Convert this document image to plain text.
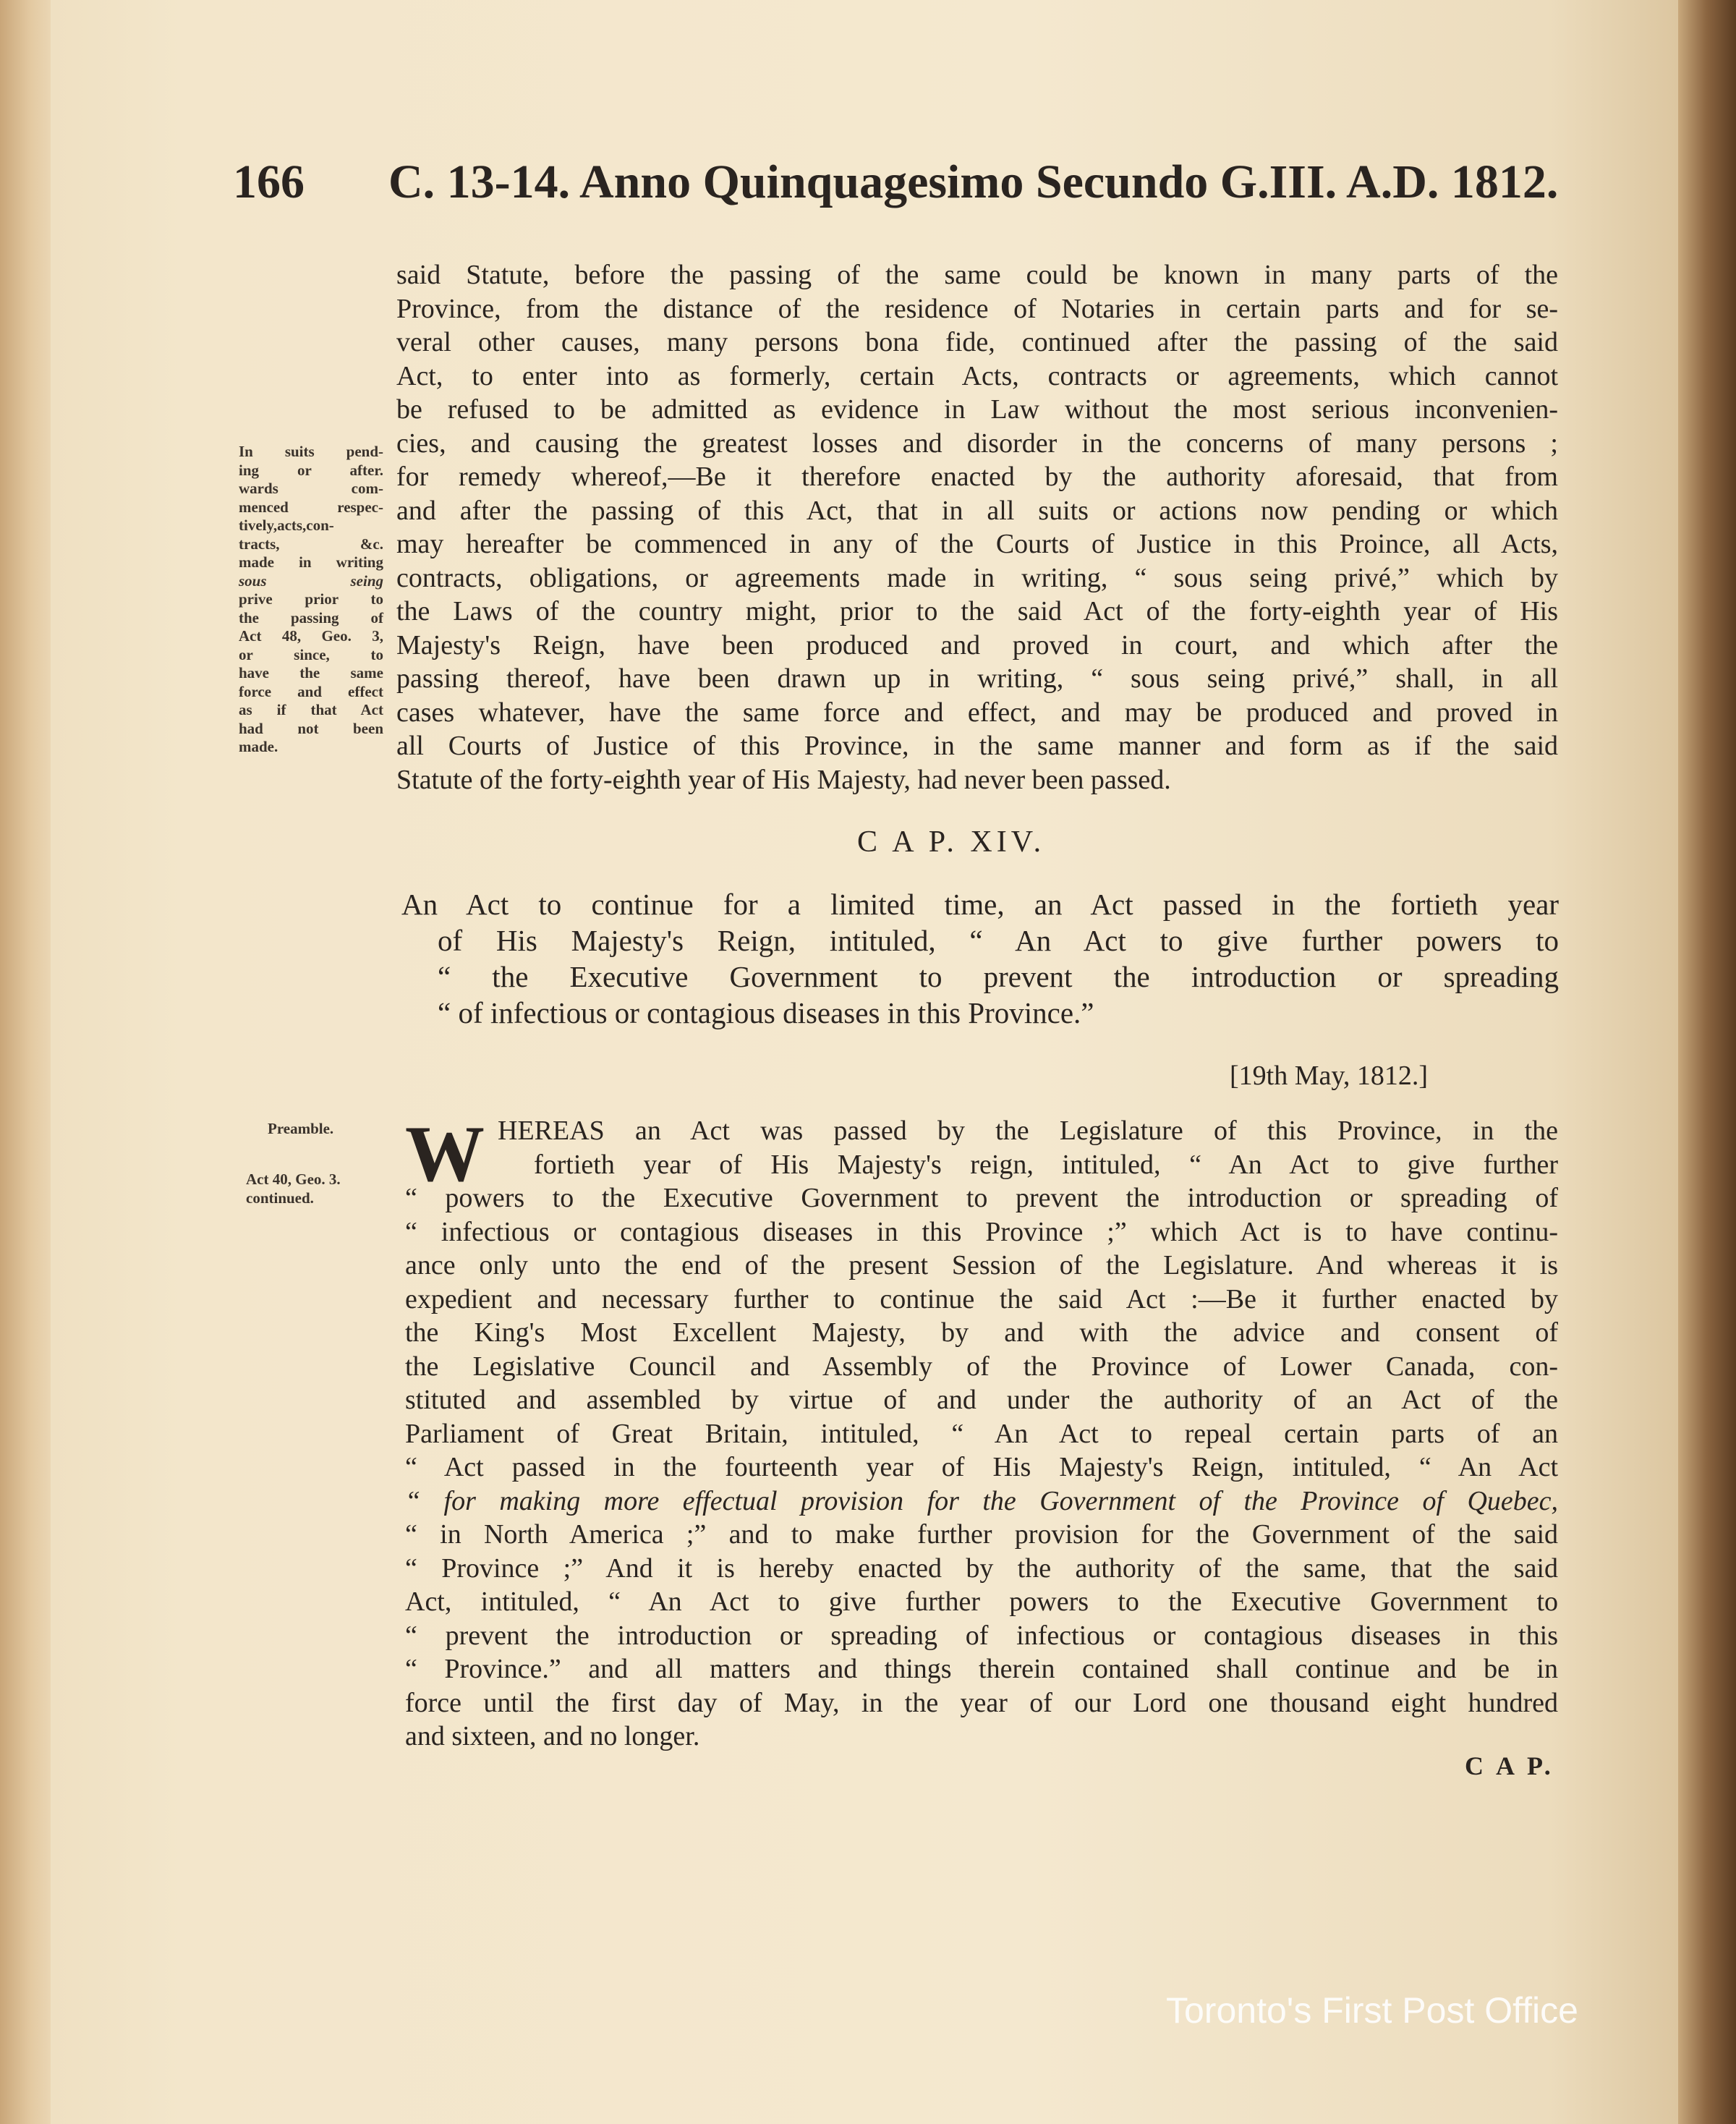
166 C. 13-14. Anno Quinquagesimo Secundo G.III. A.D. 1812.
said Statute, before the passing of the same could be known in many parts of the
Province, from the distance of the residence of Notaries in certain parts and for se-
veral other causes, many persons bona fide, continued after the passing of the said
Act, to enter into as formerly, certain Acts, contracts or agreements, which cannot
be refused to be admitted as evidence in Law without the most serious inconvenien-
cies, and causing the greatest losses and disorder in the concerns of many persons ;
for remedy whereof,—Be it therefore enacted by the authority aforesaid, that from
and after the passing of this Act, that in all suits or actions now pending or which
may hereafter be commenced in any of the Courts of Justice in this Proince, all Acts,
contracts, obligations, or agreements made in writing, “ sous seing privé,” which by
the Laws of the country might, prior to the said Act of the forty-eighth year of His
Majesty's Reign, have been produced and proved in court, and which after the
passing thereof, have been drawn up in writing, “ sous seing privé,” shall, in all
cases whatever, have the same force and effect, and may be produced and proved in
all Courts of Justice of this Province, in the same manner and form as if the said
Statute of the forty-eighth year of His Majesty, had never been passed.
In suits pend-
ing or after.
wards com-
menced respec-
tively,acts,con-
tracts, &c.
made in writing
sous seing
prive prior to
the passing of
Act 48, Geo. 3,
or since, to
have the same
force and effect
as if that Act
had not been
made.
C A P. XIV.
An Act to continue for a limited time, an Act passed in the fortieth year
of His Majesty's Reign, intituled, “ An Act to give further powers to
“ the Executive Government to prevent the introduction or spreading
“ of infectious or contagious diseases in this Province.”
[19th May, 1812.]
Preamble.
Act 40, Geo. 3.
continued.	W HEREAS an Act was passed by the Legislature of this Province, in the
fortieth year of His Majesty's reign, intituled, “ An Act to give further
“ powers to the Executive Government to prevent the introduction or spreading of
“ infectious or contagious diseases in this Province ;” which Act is to have continu-
ance only unto the end of the present Session of the Legislature. And whereas it is
expedient and necessary further to continue the said Act :—Be it further enacted by
the King's Most Excellent Majesty, by and with the advice and consent of
the Legislative Council and Assembly of the Province of Lower Canada, con-
stituted and assembled by virtue of and under the authority of an Act of the
Parliament of Great Britain, intituled, “ An Act to repeal certain parts of an
“ Act passed in the fourteenth year of His Majesty's Reign, intituled, “ An Act
“ for making more effectual provision for the Government of the Province of Quebec,
“ in North America ;” and to make further provision for the Government of the said
“ Province ;” And it is hereby enacted by the authority of the same, that the said
Act, intituled, “ An Act to give further powers to the Executive Government to
“ prevent the introduction or spreading of infectious or contagious diseases in this
“ Province.” and all matters and things therein contained shall continue and be in
force until the first day of May, in the year of our Lord one thousand eight hundred
and sixteen, and no longer.
C A P.
Toronto's First Post Office
